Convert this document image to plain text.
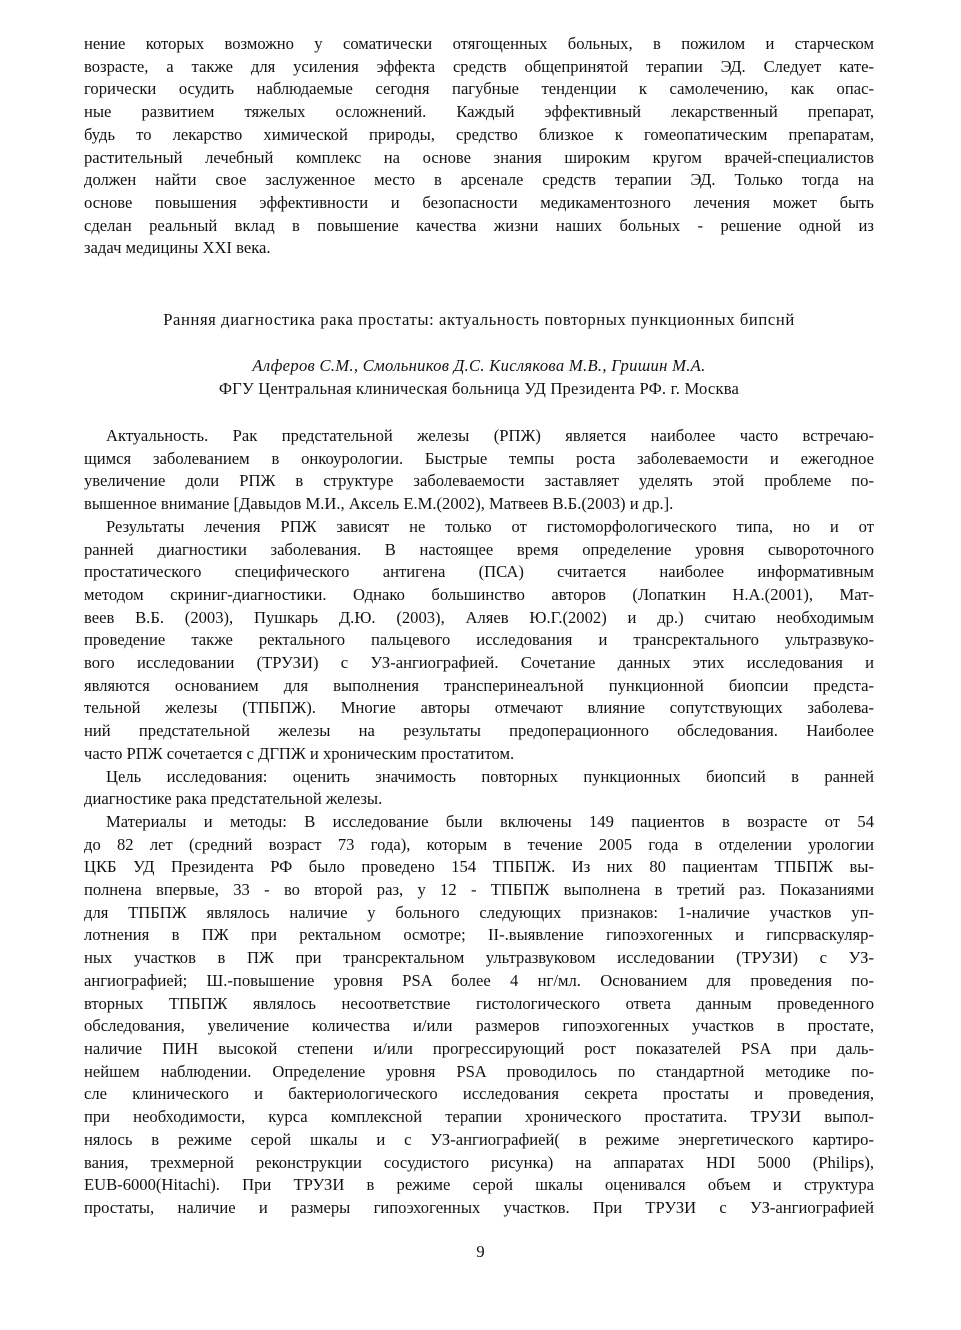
нение которых возможно у соматически отягощенных больных, в пожилом и старческом
возрасте, а также для усиления эффекта средств общепринятой терапии ЭД. Следует кате-
горически осудить наблюдаемые сегодня пагубные тенденции к самолечению, как опас-
ные развитием тяжелых осложнений. Каждый эффективный лекарственный препарат,
будь то лекарство химической природы, средство близкое к гомеопатическим препаратам,
растительный лечебный комплекс на основе знания широким кругом врачей-специалистов
должен найти свое заслуженное место в арсенале средств терапии ЭД. Только тогда на
основе повышения эффективности и безопасности медикаментозного лечения может быть
сделан реальный вклад в повышение качества жизни наших больных - решение одной из
задач медицины XXI века.
Ранняя диагностика рака простаты: актуальность повторных пункционных бипснй
Алферов С.М., Смольников Д.С. Кислякова М.В., Гришин М.А.
ФГУ Центральная клиническая больница УД Президента РФ. г. Москва
Актуальность. Рак предстательной железы (РПЖ) является наиболее часто встречаю-
щимся заболеванием в онкоурологии. Быстрые темпы роста заболеваемости и ежегодное
увеличение доли РПЖ в структуре заболеваемости заставляет уделять этой проблеме по-
вышенное внимание [Давыдов М.И., Аксель Е.М.(2002), Матвеев В.Б.(2003) и др.].
Результаты лечения РПЖ зависят не только от гистоморфологического типа, но и от
ранней диагностики заболевания. В настоящее время определение уровня сывороточного
простатического специфического антигена (ПСА) считается наиболее информативным
методом скриниг-диагностики. Однако большинство авторов (Лопаткин Н.А.(2001), Мат-
веев В.Б. (2003), Пушкарь Д.Ю. (2003), Аляев Ю.Г.(2002) и др.) считаю необходимым
проведение также ректального пальцевого исследования и трансректального ультразвуко-
вого исследовании (ТРУЗИ) с УЗ-ангиографией. Сочетание данных этих исследования и
являются основанием для выполнения трансперинеалъной пункционной биопсии предста-
тельной железы (ТПБПЖ). Многие авторы отмечают влияние сопутствующих заболева-
ний предстательной железы на результаты предоперационного обследования. Наиболее
часто РПЖ сочетается с ДГПЖ и хроническим простатитом.
Цель исследования: оценить значимость повторных пункционных биопсий в ранней
диагностике рака предстательной железы.
Материалы и методы: В исследование были включены 149 пациентов в возрасте от 54
до 82 лет (средний возраст 73 года), которым в течение 2005 года в отделении урологии
ЦКБ УД Президента РФ было проведено 154 ТПБПЖ. Из них 80 пациентам ТПБПЖ вы-
полнена впервые, 33 - во второй раз, у 12 - ТПБПЖ выполнена в третий раз. Показаниями
для ТПБПЖ являлось наличие у больного следующих признаков: 1-наличие участков уп-
лотнения в ПЖ при ректальном осмотре; II-.выявление гипоэхогенных и гипсрваскуляр-
ных участков в ПЖ при трансректальном ультразвуковом исследовании (ТРУЗИ) с УЗ-
ангиографией; Ш.-повышение уровня PSA более 4 нг/мл. Основанием для проведения по-
вторных ТПБПЖ являлось несоответствие гистологического ответа данным проведенного
обследования, увеличение количества и/или размеров гипоэхогенных участков в простате,
наличие ПИН высокой степени и/или прогрессирующий рост показателей PSA при даль-
нейшем наблюдении. Определение уровня PSA проводилось по стандартной методике по-
сле клинического и бактериологического исследования секрета простаты и проведения,
при необходимости, курса комплексной терапии хронического простатита. ТРУЗИ выпол-
нялось в режиме серой шкалы и с УЗ-ангиографией( в режиме энергетического картиро-
вания, трехмерной реконструкции сосудистого рисунка) на аппаратах HDI 5000 (Philips),
EUB-6000(Hitachi). При ТРУЗИ в режиме серой шкалы оценивался объем и структура
простаты, наличие и размеры гипоэхогенных участков. При ТРУЗИ с УЗ-ангиографией
9
